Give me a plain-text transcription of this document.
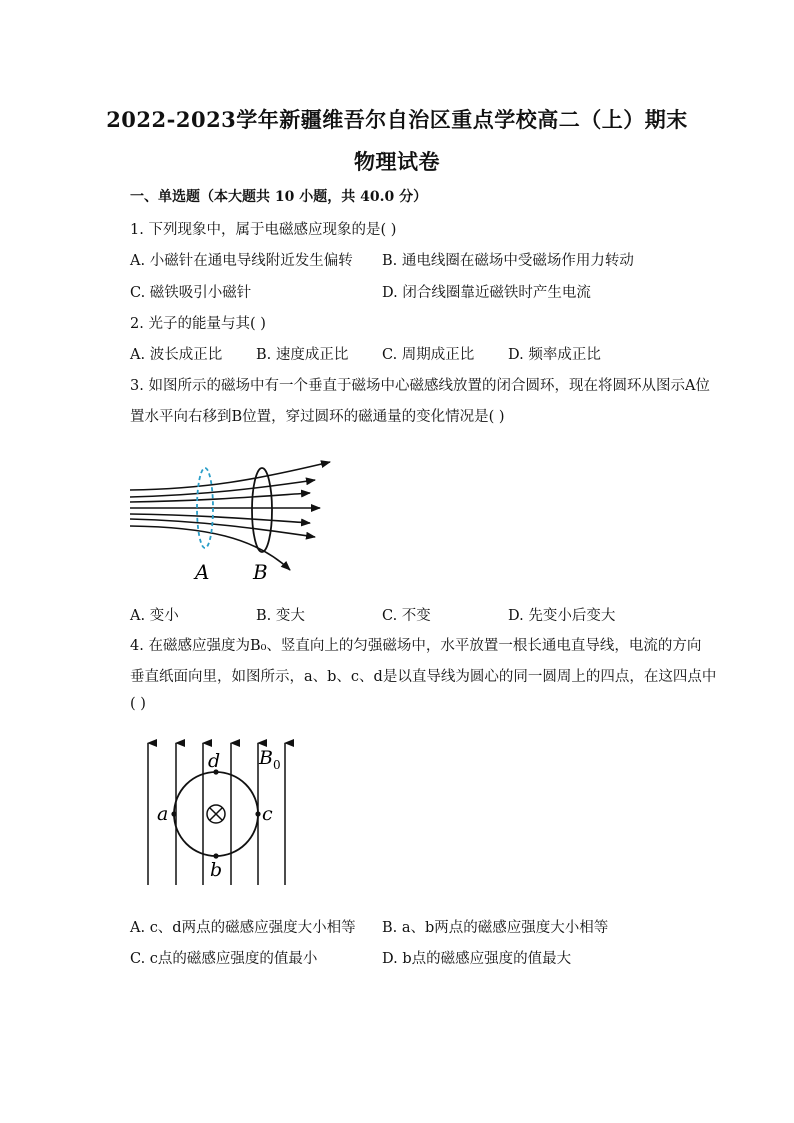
2022-2023学年新疆维吾尔自治区重点学校高二（上）期末
物理试卷
一、单选题（本大题共 10 小题，共 40.0 分）
1. 下列现象中，属于电磁感应现象的是( )
A. 小磁针在通电导线附近发生偏转 B. 通电线圈在磁场中受磁场作用力转动
C. 磁铁吸引小磁针	D. 闭合线圈靠近磁铁时产生电流
2. 光子的能量与其( )
A. 波长成正比 B. 速度成正比 C. 周期成正比 D. 频率成正比
3. 如图所示的磁场中有一个垂直于磁场中心磁感线放置的闭合圆环，现在将圆环从图示A位
置水平向右移到B位置，穿过圆环的磁通量的变化情况是( )
A B
A. 变小	B. 变大	C. 不变	D. 先变小后变大
4. 在磁感应强度为B₀、竖直向上的匀强磁场中，水平放置一根长通电直导线，电流的方向
垂直纸面向里，如图所示，a、b、c、d是以直导线为圆心的同一圆周上的四点，在这四点中
( )
d B 0
a	c
b
A. c、d两点的磁感应强度大小相等 B. a、b两点的磁感应强度大小相等
C. c点的磁感应强度的值最小	D. b点的磁感应强度的值最大
